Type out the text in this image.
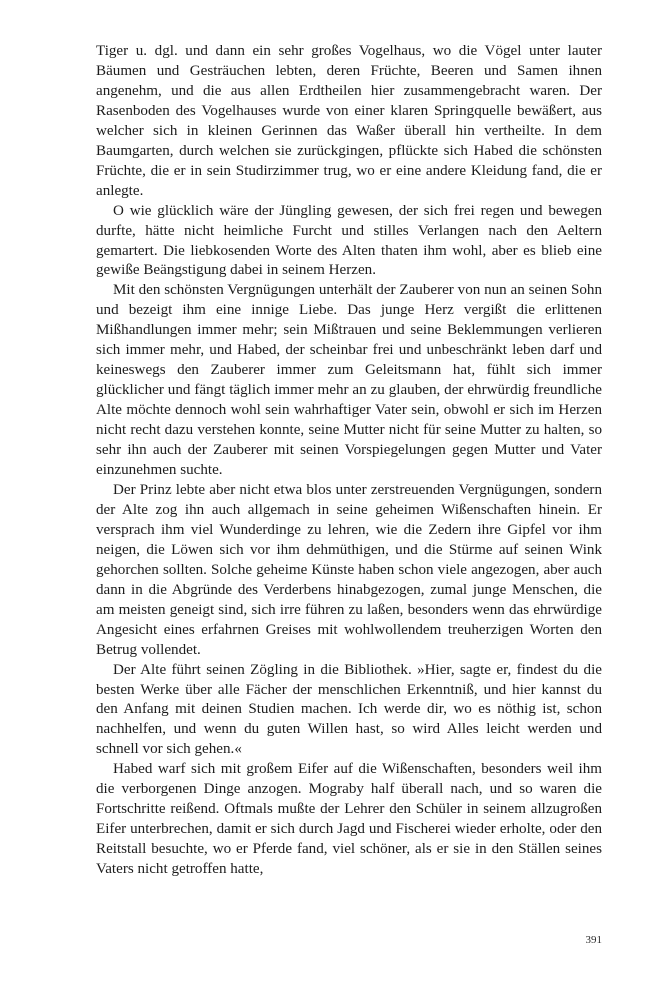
Tiger u. dgl. und dann ein sehr großes Vogelhaus, wo die Vögel unter lauter Bäumen und Gesträuchen lebten, deren Früchte, Beeren und Samen ihnen angenehm, und die aus allen Erdtheilen hier zusammengebracht waren. Der Rasenboden des Vogelhauses wurde von einer klaren Springquelle bewäßert, aus welcher sich in kleinen Gerinnen das Waßer überall hin vertheilte. In dem Baumgarten, durch welchen sie zurückgingen, pflückte sich Habed die schönsten Früchte, die er in sein Studirzimmer trug, wo er eine andere Kleidung fand, die er anlegte.

O wie glücklich wäre der Jüngling gewesen, der sich frei regen und bewegen durfte, hätte nicht heimliche Furcht und stilles Verlangen nach den Aeltern gemartert. Die liebkosenden Worte des Alten thaten ihm wohl, aber es blieb eine gewiße Beängstigung dabei in seinem Herzen.

Mit den schönsten Vergnügungen unterhält der Zauberer von nun an seinen Sohn und bezeigt ihm eine innige Liebe. Das junge Herz vergißt die erlittenen Mißhandlungen immer mehr; sein Mißtrauen und seine Beklemmungen verlieren sich immer mehr, und Habed, der scheinbar frei und unbeschränkt leben darf und keineswegs den Zauberer immer zum Geleitsmann hat, fühlt sich immer glücklicher und fängt täglich immer mehr an zu glauben, der ehrwürdig freundliche Alte möchte dennoch wohl sein wahrhaftiger Vater sein, obwohl er sich im Herzen nicht recht dazu verstehen konnte, seine Mutter nicht für seine Mutter zu halten, so sehr ihn auch der Zauberer mit seinen Vorspiegelungen gegen Mutter und Vater einzunehmen suchte.

Der Prinz lebte aber nicht etwa blos unter zerstreuenden Vergnügungen, sondern der Alte zog ihn auch allgemach in seine geheimen Wißenschaften hinein. Er versprach ihm viel Wunderdinge zu lehren, wie die Zedern ihre Gipfel vor ihm neigen, die Löwen sich vor ihm dehmüthigen, und die Stürme auf seinen Wink gehorchen sollten. Solche geheime Künste haben schon viele angezogen, aber auch dann in die Abgründe des Verderbens hinabgezogen, zumal junge Menschen, die am meisten geneigt sind, sich irre führen zu laßen, besonders wenn das ehrwürdige Angesicht eines erfahrnen Greises mit wohlwollendem treuherzigen Worten den Betrug vollendet.

Der Alte führt seinen Zögling in die Bibliothek. »Hier, sagte er, findest du die besten Werke über alle Fächer der menschlichen Erkenntniß, und hier kannst du den Anfang mit deinen Studien machen. Ich werde dir, wo es nöthig ist, schon nachhelfen, und wenn du guten Willen hast, so wird Alles leicht werden und schnell vor sich gehen.«

Habed warf sich mit großem Eifer auf die Wißenschaften, besonders weil ihm die verborgenen Dinge anzogen. Mograby half überall nach, und so waren die Fortschritte reißend. Oftmals mußte der Lehrer den Schüler in seinem allzugroßen Eifer unterbrechen, damit er sich durch Jagd und Fischerei wieder erholte, oder den Reitstall besuchte, wo er Pferde fand, viel schöner, als er sie in den Ställen seines Vaters nicht getroffen hatte,

391
